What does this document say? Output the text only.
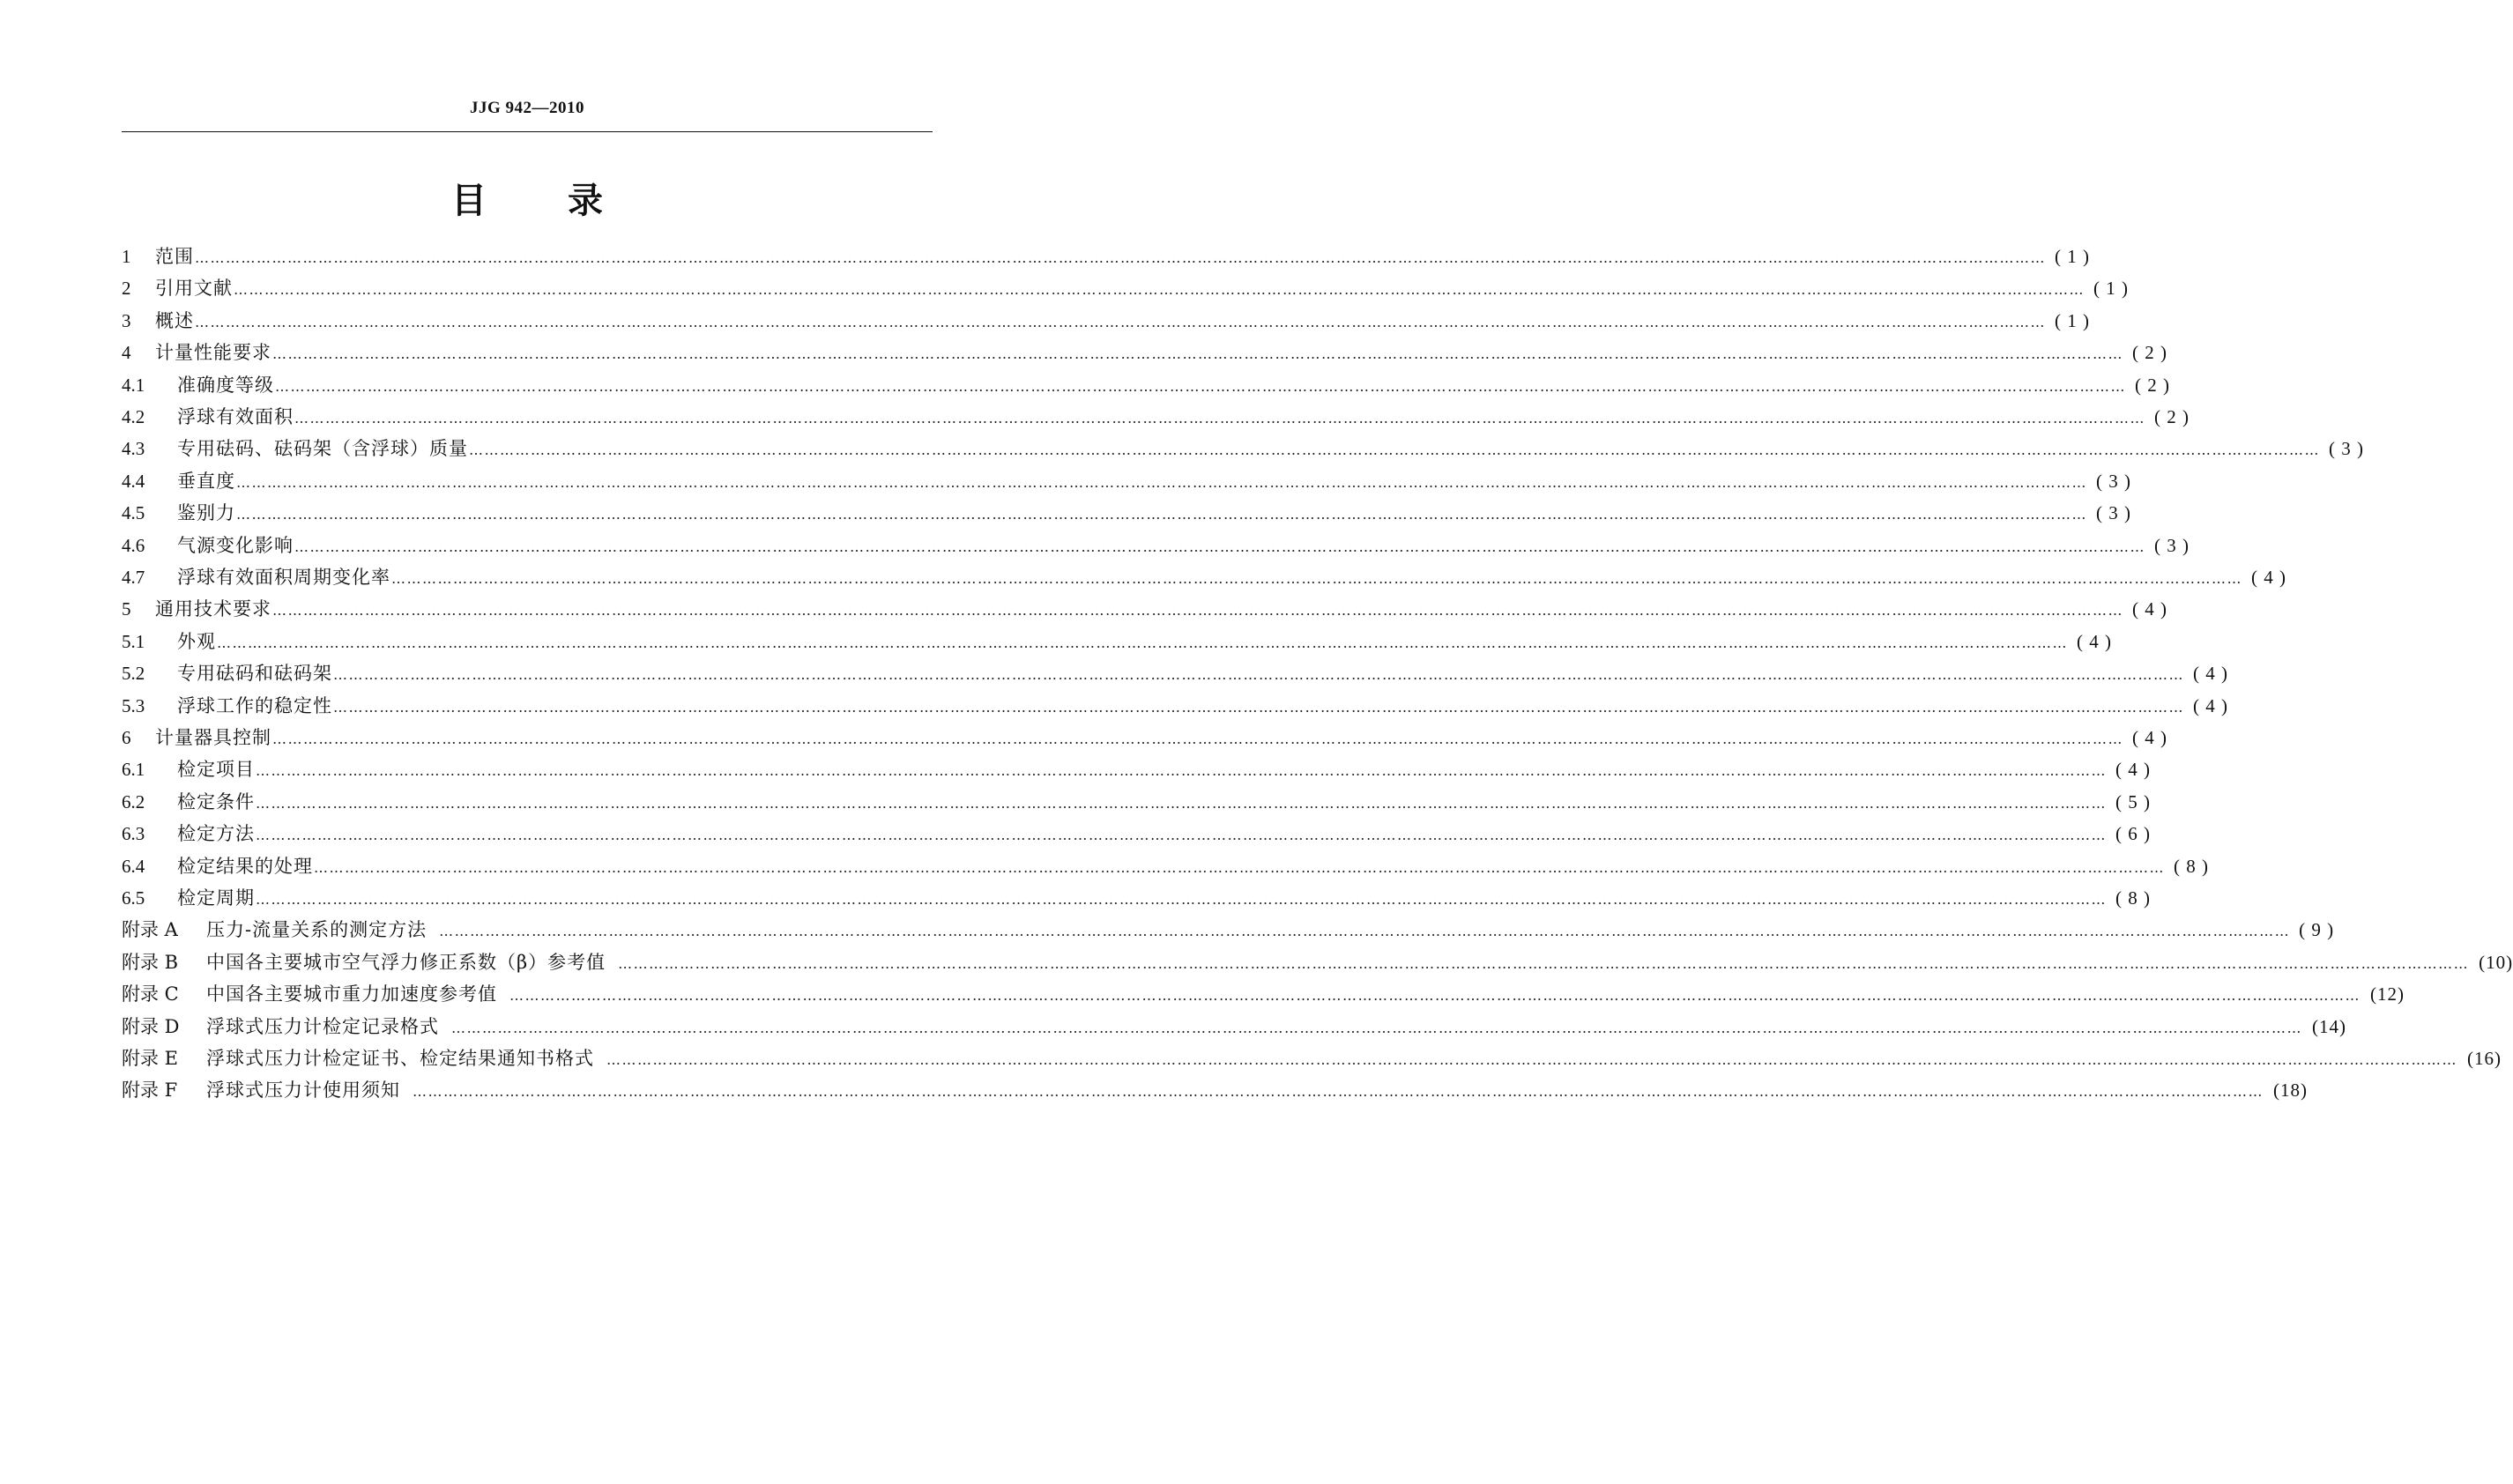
JJG 942—2010
目 录
1	范围 ……………………………………………………………………………………………………………………………………………………………………………………………………………………………………………………………………………………………………………………………… ( 1 )
2	引用文献 ……………………………………………………………………………………………………………………………………………………………………………………………………………………………………………………………………………………………………………………………… ( 1 )
3	概述 ……………………………………………………………………………………………………………………………………………………………………………………………………………………………………………………………………………………………………………………………… ( 1 )
4	计量性能要求 ……………………………………………………………………………………………………………………………………………………………………………………………………………………………………………………………………………………………………………………………… ( 2 )
4.1	准确度等级 ……………………………………………………………………………………………………………………………………………………………………………………………………………………………………………………………………………………………………………………………… ( 2 )
4.2	浮球有效面积 ……………………………………………………………………………………………………………………………………………………………………………………………………………………………………………………………………………………………………………………………… ( 2 )
4.3	专用砝码、砝码架（含浮球）质量 ……………………………………………………………………………………………………………………………………………………………………………………………………………………………………………………………………………………………………………………………… ( 3 )
4.4	垂直度 ……………………………………………………………………………………………………………………………………………………………………………………………………………………………………………………………………………………………………………………………… ( 3 )
4.5	鉴别力 ……………………………………………………………………………………………………………………………………………………………………………………………………………………………………………………………………………………………………………………………… ( 3 )
4.6	气源变化影响 ……………………………………………………………………………………………………………………………………………………………………………………………………………………………………………………………………………………………………………………………… ( 3 )
4.7	浮球有效面积周期变化率 ……………………………………………………………………………………………………………………………………………………………………………………………………………………………………………………………………………………………………………………………… ( 4 )
5	通用技术要求 ……………………………………………………………………………………………………………………………………………………………………………………………………………………………………………………………………………………………………………………………… ( 4 )
5.1	外观 ……………………………………………………………………………………………………………………………………………………………………………………………………………………………………………………………………………………………………………………………… ( 4 )
5.2	专用砝码和砝码架 ……………………………………………………………………………………………………………………………………………………………………………………………………………………………………………………………………………………………………………………………… ( 4 )
5.3	浮球工作的稳定性 ……………………………………………………………………………………………………………………………………………………………………………………………………………………………………………………………………………………………………………………………… ( 4 )
6	计量器具控制 ……………………………………………………………………………………………………………………………………………………………………………………………………………………………………………………………………………………………………………………………… ( 4 )
6.1	检定项目 ……………………………………………………………………………………………………………………………………………………………………………………………………………………………………………………………………………………………………………………………… ( 4 )
6.2	检定条件 ……………………………………………………………………………………………………………………………………………………………………………………………………………………………………………………………………………………………………………………………… ( 5 )
6.3	检定方法 ……………………………………………………………………………………………………………………………………………………………………………………………………………………………………………………………………………………………………………………………… ( 6 )
6.4	检定结果的处理 ……………………………………………………………………………………………………………………………………………………………………………………………………………………………………………………………………………………………………………………………… ( 8 )
6.5	检定周期 ……………………………………………………………………………………………………………………………………………………………………………………………………………………………………………………………………………………………………………………………… ( 8 )
附录 A	压力-流量关系的测定方法 ……………………………………………………………………………………………………………………………………………………………………………………………………………………………………………………………………………………………………………………………… ( 9 )
附录 B	中国各主要城市空气浮力修正系数（β）参考值 ……………………………………………………………………………………………………………………………………………………………………………………………………………………………………………………………………………………………………………………………… (10)
附录 C	中国各主要城市重力加速度参考值 ……………………………………………………………………………………………………………………………………………………………………………………………………………………………………………………………………………………………………………………………… (12)
附录 D	浮球式压力计检定记录格式 ……………………………………………………………………………………………………………………………………………………………………………………………………………………………………………………………………………………………………………………………… (14)
附录 E	浮球式压力计检定证书、检定结果通知书格式 ……………………………………………………………………………………………………………………………………………………………………………………………………………………………………………………………………………………………………………………………… (16)
附录 F	浮球式压力计使用须知 ……………………………………………………………………………………………………………………………………………………………………………………………………………………………………………………………………………………………………………………………… (18)
